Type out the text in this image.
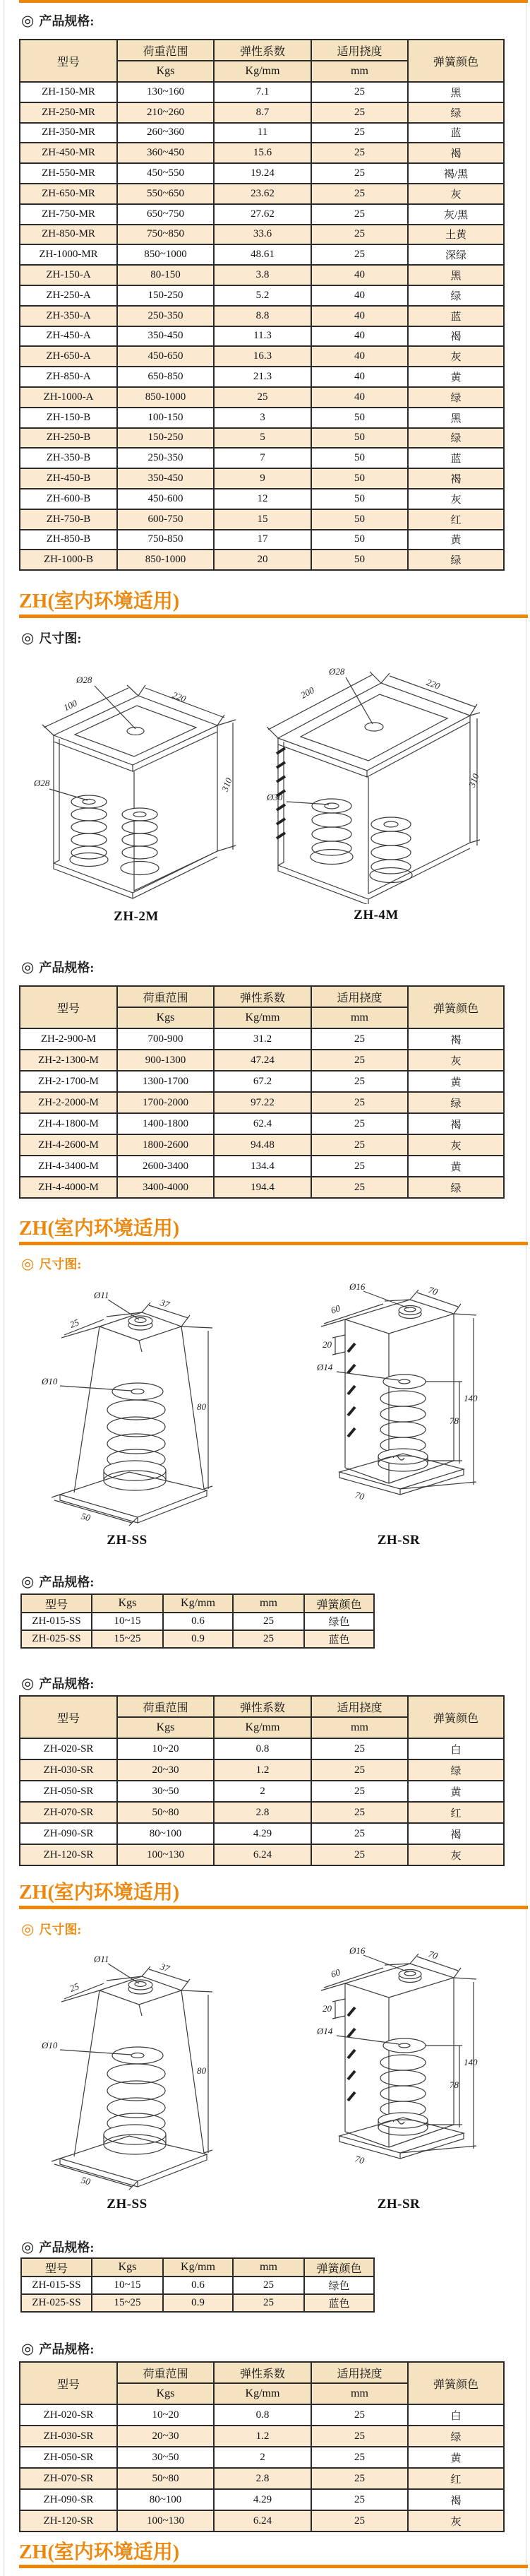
◎ 产品规格:
型号	荷重范围	弹性系数	适用挠度	弹簧颜色
	Kgs	Kg/mm	mm	
ZH-150-MR	130~160	7.1	25	黑
ZH-250-MR	210~260	8.7	25	绿
ZH-350-MR	260~360	11	25	蓝
ZH-450-MR	360~450	15.6	25	褐
ZH-550-MR	450~550	19.24	25	褐/黑
ZH-650-MR	550~650	23.62	25	灰
ZH-750-MR	650~750	27.62	25	灰/黑
ZH-850-MR	750~850	33.6	25	土黄
ZH-1000-MR	850~1000	48.61	25	深绿
ZH-150-A	80-150	3.8	40	黑
ZH-250-A	150-250	5.2	40	绿
ZH-350-A	250-350	8.8	40	蓝
ZH-450-A	350-450	11.3	40	褐
ZH-650-A	450-650	16.3	40	灰
ZH-850-A	650-850	21.3	40	黄
ZH-1000-A	850-1000	25	40	绿
ZH-150-B	100-150	3	50	黑
ZH-250-B	150-250	5	50	绿
ZH-350-B	250-350	7	50	蓝
ZH-450-B	350-450	9	50	褐
ZH-600-B	450-600	12	50	灰
ZH-750-B	600-750	15	50	红
ZH-850-B	750-850	17	50	黄
ZH-1000-B	850-1000	20	50	绿
ZH(室内环境适用)
◎ 尺寸图:
Ø28
220
100
Ø28	310
ZH-2M
Ø28
220
200
Ø30
310
ZH-4M
◎ 产品规格:
型号	荷重范围	弹性系数	适用挠度	弹簧颜色
	Kgs	Kg/mm	mm	
ZH-2-900-M	700-900	31.2	25	褐
ZH-2-1300-M	900-1300	47.24	25	灰
ZH-2-1700-M	1300-1700	67.2	25	黄
ZH-2-2000-M	1700-2000	97.22	25	绿
ZH-4-1800-M	1400-1800	62.4	25	褐
ZH-4-2600-M	1800-2600	94.48	25	灰
ZH-4-3400-M	2600-3400	134.4	25	黄
ZH-4-4000-M	3400-4000	194.4	25	绿
ZH(室内环境适用)
◎ 尺寸图:
Ø11
37
25
Ø10
80
50
ZH-SS
Ø16	70
60
20
Ø14
78
140
70
ZH-SR
◎ 产品规格:
型号	Kgs	Kg/mm	mm	弹簧颜色
ZH-015-SS	10~15	0.6	25	绿色
ZH-025-SS	15~25	0.9	25	蓝色
◎ 产品规格:
型号	荷重范围	弹性系数	适用挠度	弹簧颜色
	Kgs	Kg/mm	mm	
ZH-020-SR	10~20	0.8	25	白
ZH-030-SR	20~30	1.2	25	绿
ZH-050-SR	30~50	2	25	黄
ZH-070-SR	50~80	2.8	25	红
ZH-090-SR	80~100	4.29	25	褐
ZH-120-SR	100~130	6.24	25	灰
ZH(室内环境适用)
◎ 尺寸图:
Ø11
37
25
Ø10
80
50
ZH-SS
Ø16	70
60
20
Ø14
78
140
70
ZH-SR
◎ 产品规格:
型号	Kgs	Kg/mm	mm	弹簧颜色
ZH-015-SS	10~15	0.6	25	绿色
ZH-025-SS	15~25	0.9	25	蓝色
◎ 产品规格:
型号	荷重范围	弹性系数	适用挠度	弹簧颜色
	Kgs	Kg/mm	mm	
ZH-020-SR	10~20	0.8	25	白
ZH-030-SR	20~30	1.2	25	绿
ZH-050-SR	30~50	2	25	黄
ZH-070-SR	50~80	2.8	25	红
ZH-090-SR	80~100	4.29	25	褐
ZH-120-SR	100~130	6.24	25	灰
ZH(室内环境适用)
